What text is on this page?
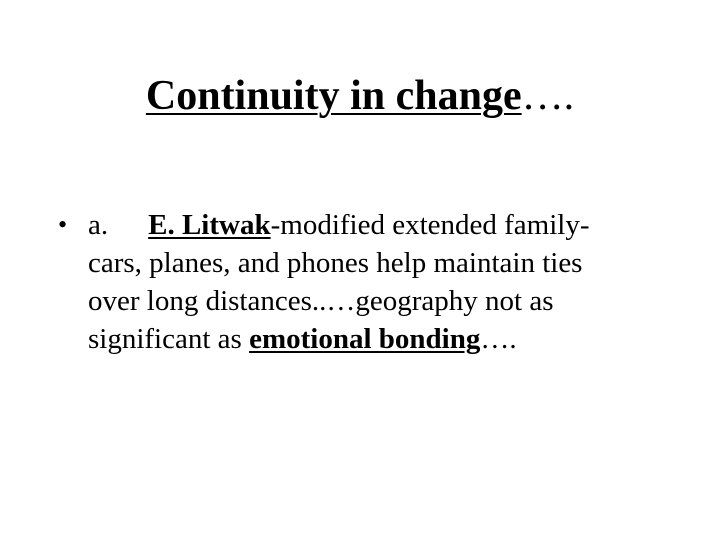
Continuity in change….
• a. E. Litwak-modified extended family-
cars, planes, and phones help maintain ties
over long distances..…geography not as
significant as emotional bonding….
